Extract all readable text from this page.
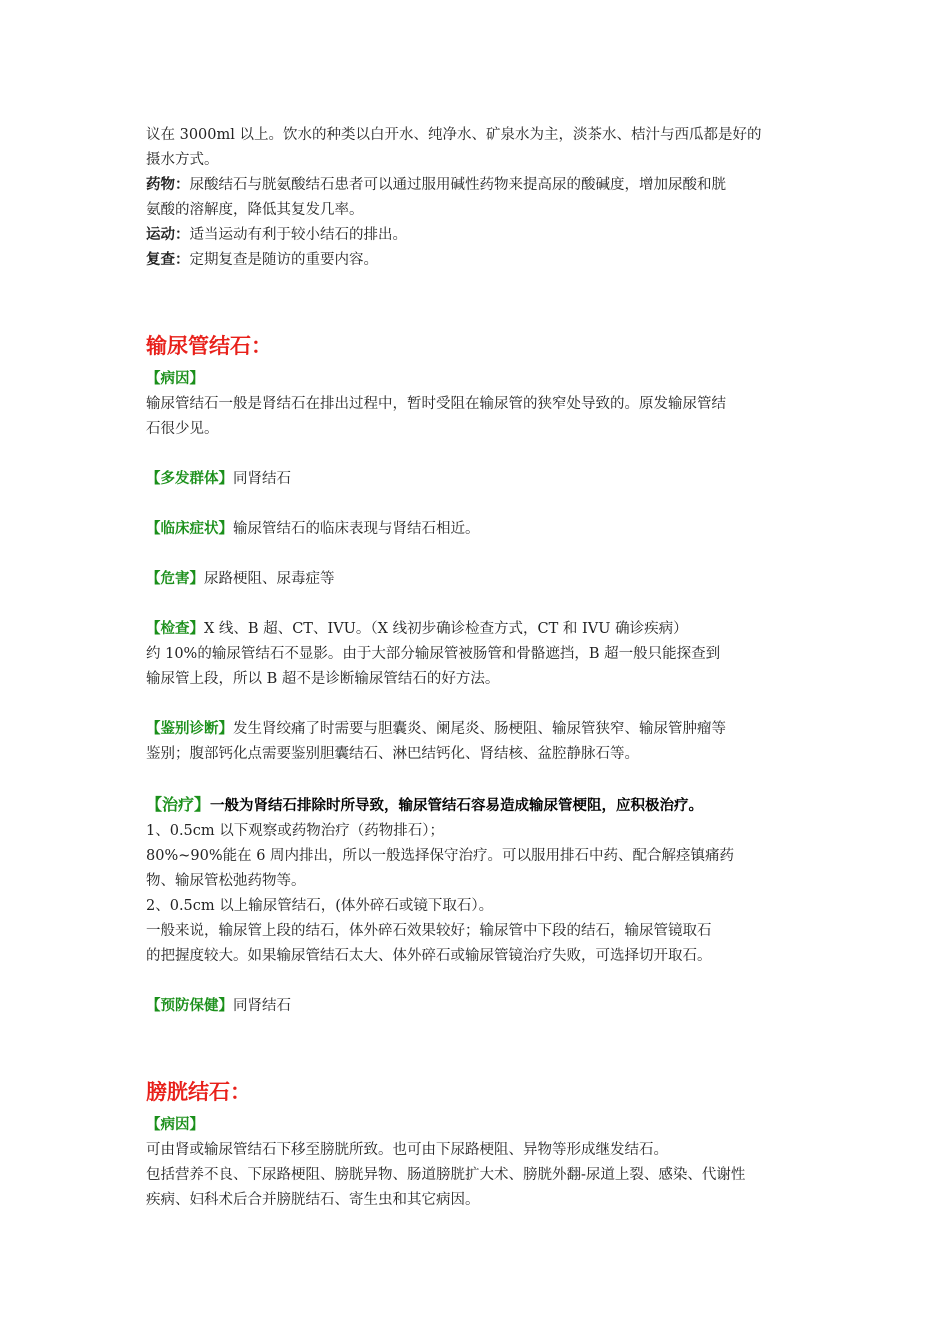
议在 3000ml 以上。饮水的种类以白开水、纯净水、矿泉水为主，淡茶水、桔汁与西瓜都是好的

摄水方式。

药物：尿酸结石与胱氨酸结石患者可以通过服用碱性药物来提高尿的酸碱度，增加尿酸和胱

氨酸的溶解度，降低其复发几率。

运动：适当运动有利于较小结石的排出。

复查：定期复查是随访的重要内容。

输尿管结石：

【病因】

输尿管结石一般是肾结石在排出过程中，暂时受阻在输尿管的狭窄处导致的。原发输尿管结

石很少见。

【多发群体】同肾结石

【临床症状】输尿管结石的临床表现与肾结石相近。

【危害】尿路梗阻、尿毒症等

【检查】X 线、B 超、CT、IVU。（X 线初步确诊检查方式，CT 和 IVU 确诊疾病）

约 10%的输尿管结石不显影。由于大部分输尿管被肠管和骨骼遮挡，B 超一般只能探查到

输尿管上段，所以 B 超不是诊断输尿管结石的好方法。

【鉴别诊断】发生肾绞痛了时需要与胆囊炎、阑尾炎、肠梗阻、输尿管狭窄、输尿管肿瘤等

鉴别；腹部钙化点需要鉴别胆囊结石、淋巴结钙化、肾结核、盆腔静脉石等。

【治疗】一般为肾结石排除时所导致，输尿管结石容易造成输尿管梗阻，应积极治疗。

1、0.5cm 以下观察或药物治疗（药物排石）；

80%~90%能在 6 周内排出，所以一般选择保守治疗。可以服用排石中药、配合解痉镇痛药

物、输尿管松弛药物等。

2、0.5cm 以上输尿管结石，(体外碎石或镜下取石）。

一般来说，输尿管上段的结石，体外碎石效果较好；输尿管中下段的结石，输尿管镜取石

的把握度较大。如果输尿管结石太大、体外碎石或输尿管镜治疗失败，可选择切开取石。

【预防保健】同肾结石

膀胱结石：

【病因】

可由肾或输尿管结石下移至膀胱所致。也可由下尿路梗阻、异物等形成继发结石。

包括营养不良、下尿路梗阻、膀胱异物、肠道膀胱扩大术、膀胱外翻-尿道上裂、感染、代谢性

疾病、妇科术后合并膀胱结石、寄生虫和其它病因。
